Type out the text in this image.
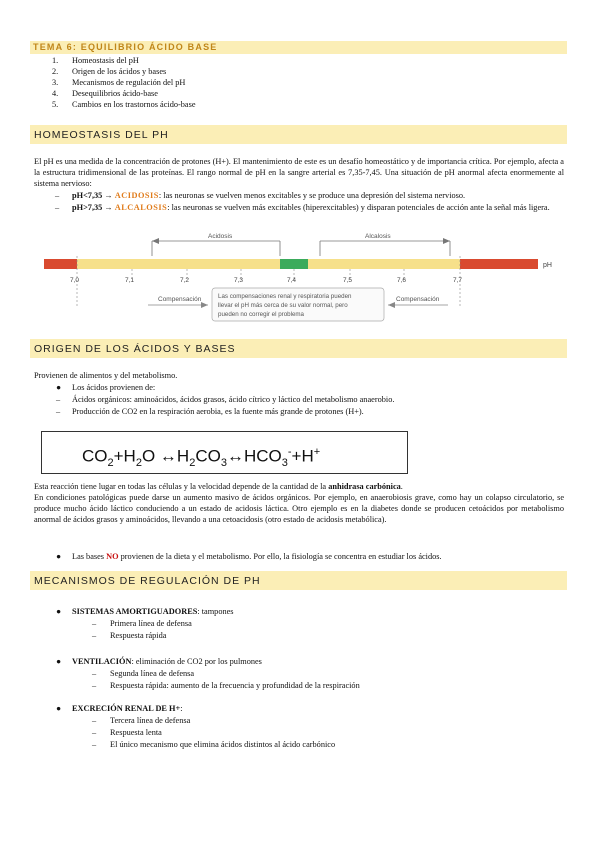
TEMA 6: EQUILIBRIO ÁCIDO BASE
1.	Homeostasis del pH
2.	Origen de los ácidos y bases
3.	Mecanismos de regulación del pH
4.	Desequilibrios ácido-base
5.	Cambios en los trastornos ácido-base
HOMEOSTASIS DEL PH

El pH es una medida de la concentración de protones (H+). El mantenimiento de este es un desafío homeostático y de importancia crítica. Por ejemplo, afecta a la estructura tridimensional de las proteínas. El rango normal de pH en la sangre arterial es 7,35-7,45. Una situación de pH anormal afecta enormemente al sistema nervioso:

– pH<7,35 → ACIDOSIS: las neuronas se vuelven menos excitables y se produce una depresión del sistema nervioso.
– pH>7,35 → ALCALOSIS: las neuronas se vuelven más excitables (hiperexcitables) y disparan potenciales de acción ante la señal más ligera.
Acidosis	Alcalosis
pH
7,0	7,1	7,2	7,3	7,4	7,5	7,6	7,7
Compensación	Compensación
Las compensaciones renal y respiratoria pueden
llevar el pH más cerca de su valor normal, pero
pueden no corregir el problema
ORIGEN DE LOS ÁCIDOS Y BASES

Provienen de alimentos y del metabolismo.

● Los ácidos provienen de:
– Ácidos orgánicos: aminoácidos, ácidos grasos, ácido cítrico y láctico del metabolismo anaerobio.
– Producción de CO2 en la respiración aerobia, es la fuente más grande de protones (H+).
$CO_2+H_2O$ $\leftrightarrow H_2CO_3\leftrightarrow HCO_3^-+H^+$

Esta reacción tiene lugar en todas las células y la velocidad depende de la cantidad de la anhidrasa carbónica.

En condiciones patológicas puede darse un aumento masivo de ácidos orgánicos. Por ejemplo, en anaerobiosis grave, como hay un colapso circulatorio, se produce mucho ácido láctico conduciendo a un estado de acidosis láctica. Otro ejemplo es en la diabetes donde se producen cetoácidos por metabolismo anormal de ácidos grasos y aminoácidos, llevando a una cetoacidosis (otro estado de acidosis metabólica).

● Las bases NO provienen de la dieta y el metabolismo. Por ello, la fisiología se concentra en estudiar los ácidos.
MECANISMOS DE REGULACIÓN DE PH
● SISTEMAS AMORTIGUADORES: tampones
– Primera línea de defensa
– Respuesta rápida
● VENTILACIÓN: eliminación de CO2 por los pulmones
– Segunda línea de defensa
– Respuesta rápida: aumento de la frecuencia y profundidad de la respiración
● EXCRECIÓN RENAL DE H+:
– Tercera línea de defensa
– Respuesta lenta
– El único mecanismo que elimina ácidos distintos al ácido carbónico
